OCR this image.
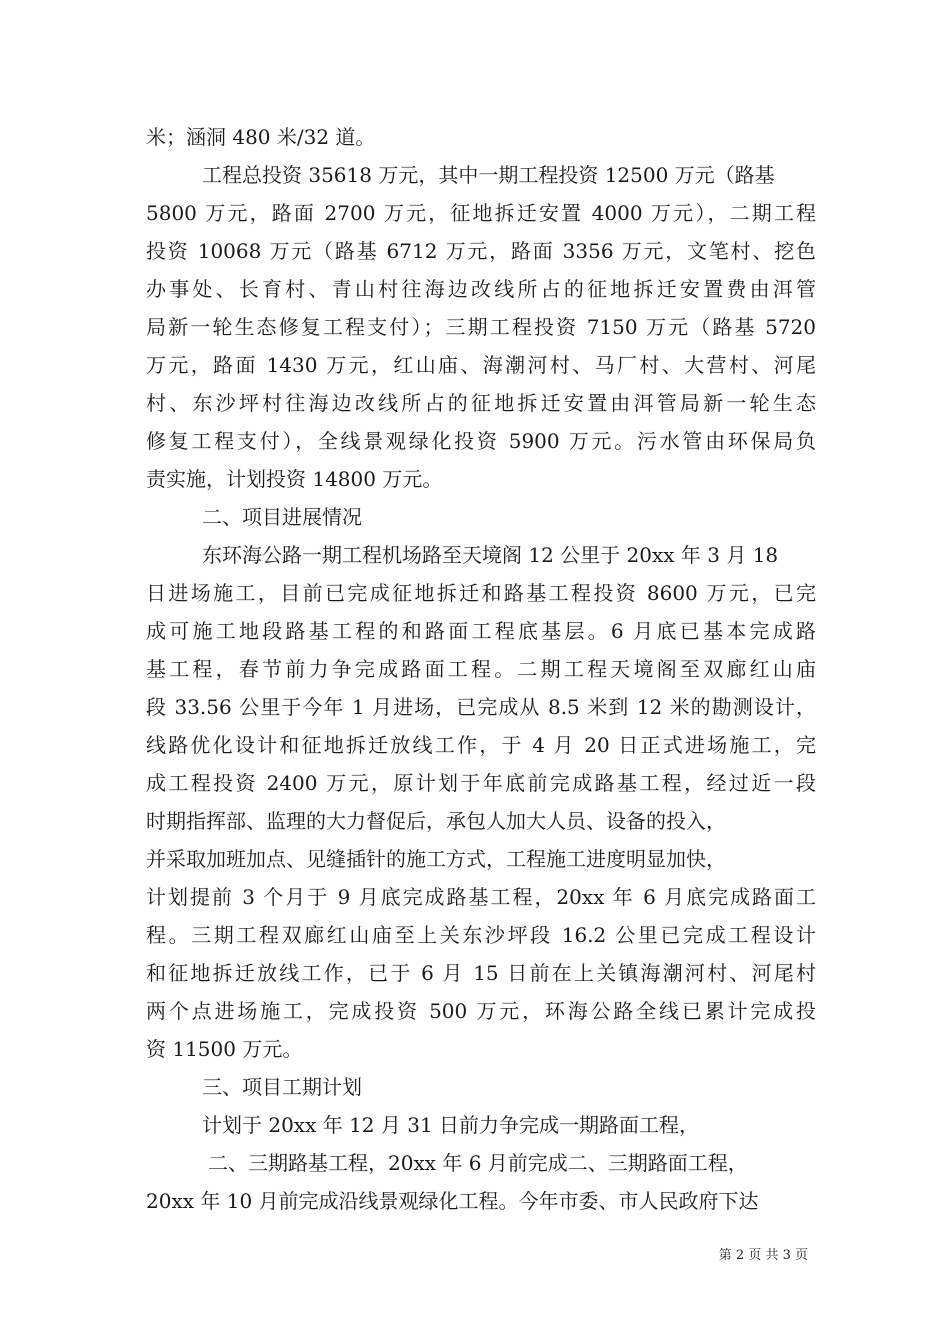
米；涵洞 480 米/32 道。
工程总投资 35618 万元，其中一期工程投资 12500 万元（路基
5800 万元，路面 2700 万元，征地拆迁安置 4000 万元），二期工程
投资 10068 万元（路基 6712 万元，路面 3356 万元，文笔村、挖色
办事处、长育村、青山村往海边改线所占的征地拆迁安置费由洱管
局新一轮生态修复工程支付）；三期工程投资 7150 万元（路基 5720
万元，路面 1430 万元，红山庙、海潮河村、马厂村、大营村、河尾
村、东沙坪村往海边改线所占的征地拆迁安置由洱管局新一轮生态
修复工程支付），全线景观绿化投资 5900 万元。污水管由环保局负
责实施，计划投资 14800 万元。
二、项目进展情况
东环海公路一期工程机场路至天境阁 12 公里于 20xx 年 3 月 18
日进场施工，目前已完成征地拆迁和路基工程投资 8600 万元，已完
成可施工地段路基工程的和路面工程底基层。6 月底已基本完成路
基工程，春节前力争完成路面工程。二期工程天境阁至双廊红山庙
段 33.56 公里于今年 1 月进场，已完成从 8.5 米到 12 米的勘测设计，
线路优化设计和征地拆迁放线工作，于 4 月 20 日正式进场施工，完
成工程投资 2400 万元，原计划于年底前完成路基工程，经过近一段
时期指挥部、监理的大力督促后，承包人加大人员、设备的投入，
并采取加班加点、见缝插针的施工方式，工程施工进度明显加快，
计划提前 3 个月于 9 月底完成路基工程，20xx 年 6 月底完成路面工
程。三期工程双廊红山庙至上关东沙坪段 16.2 公里已完成工程设计
和征地拆迁放线工作，已于 6 月 15 日前在上关镇海潮河村、河尾村
两个点进场施工，完成投资 500 万元，环海公路全线已累计完成投
资 11500 万元。
三、项目工期计划
计划于 20xx 年 12 月 31 日前力争完成一期路面工程，
二、三期路基工程，20xx 年 6 月前完成二、三期路面工程，
20xx 年 10 月前完成沿线景观绿化工程。今年市委、市人民政府下达
第 2 页 共 3 页
